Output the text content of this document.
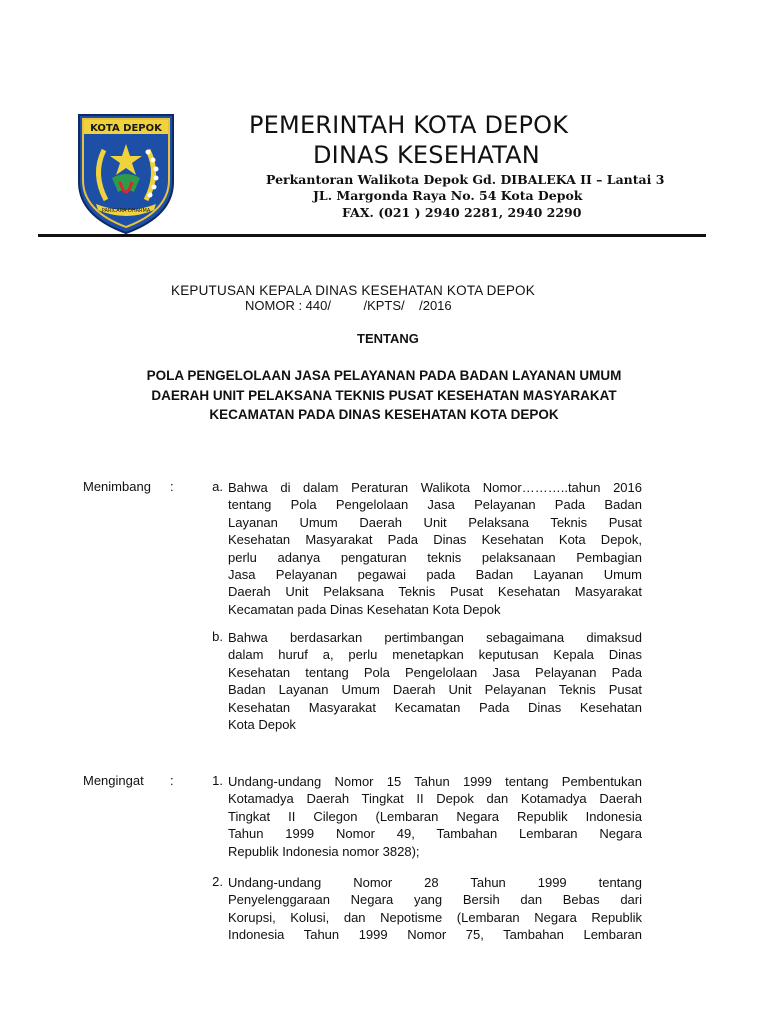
KOTA DEPOK
PARICARA DHARMA
PEMERINTAH KOTA DEPOK
DINAS KESEHATAN
Perkantoran Walikota Depok Gd. DIBALEKA II – Lantai 3
JL. Margonda Raya No. 54 Kota Depok
FAX. (021 ) 2940 2281, 2940 2290
KEPUTUSAN KEPALA DINAS KESEHATAN KOTA DEPOK
NOMOR : 440/         /KPTS/    /2016
TENTANG
POLA PENGELOLAAN JASA PELAYANAN PADA BADAN LAYANAN UMUM
DAERAH UNIT PELAKSANA TEKNIS PUSAT KESEHATAN MASYARAKAT
KECAMATAN PADA DINAS KESEHATAN KOTA DEPOK
Menimbang :	a. Bahwa di dalam Peraturan Walikota Nomor………..tahun 2016
tentang Pola Pengelolaan Jasa Pelayanan Pada Badan
Layanan Umum Daerah Unit Pelaksana Teknis Pusat
Kesehatan Masyarakat Pada Dinas Kesehatan Kota Depok,
perlu adanya pengaturan teknis pelaksanaan Pembagian
Jasa Pelayanan pegawai pada Badan Layanan Umum
Daerah Unit Pelaksana Teknis Pusat Kesehatan Masyarakat
Kecamatan pada Dinas Kesehatan Kota Depok
b. Bahwa berdasarkan pertimbangan sebagaimana dimaksud
dalam huruf a, perlu menetapkan keputusan Kepala Dinas
Kesehatan tentang Pola Pengelolaan Jasa Pelayanan Pada
Badan Layanan Umum Daerah Unit Pelayanan Teknis Pusat
Kesehatan Masyarakat Kecamatan Pada Dinas Kesehatan
Kota Depok
Mengingat :	1. Undang-undang Nomor 15 Tahun 1999 tentang Pembentukan
Kotamadya Daerah Tingkat II Depok dan Kotamadya Daerah
Tingkat II Cilegon (Lembaran Negara Republik Indonesia
Tahun 1999 Nomor 49, Tambahan Lembaran Negara
Republik Indonesia nomor 3828);
2. Undang-undang Nomor 28 Tahun 1999 tentang
Penyelenggaraan Negara yang Bersih dan Bebas dari
Korupsi, Kolusi, dan Nepotisme (Lembaran Negara Republik
Indonesia Tahun 1999 Nomor 75, Tambahan Lembaran
